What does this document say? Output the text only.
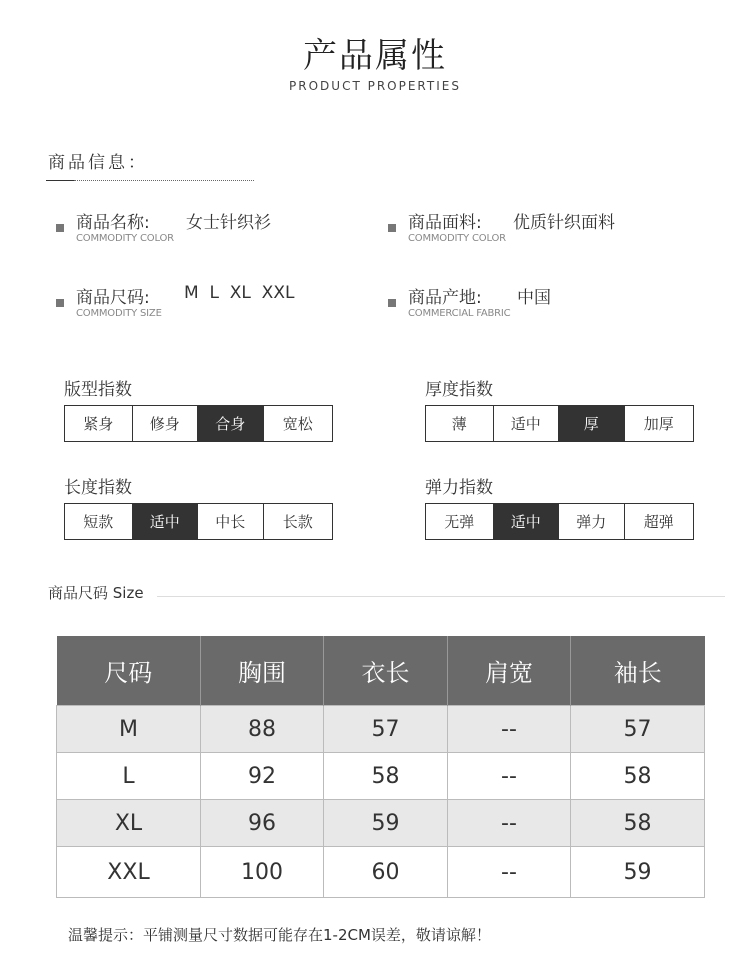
产品属性
PRODUCT PROPERTIES
商品信息：
商品名称: 女士针织衫
COMMODITY COLOR
商品面料: 优质针织面料
COMMODITY COLOR
商品尺码: M  L  XL  XXL
COMMODITY SIZE
商品产地: 中国
COMMERCIAL FABRIC
版型指数
紧身	修身	合身	宽松
厚度指数
薄	适中	厚	加厚
长度指数
短款	适中	中长	长款
弹力指数
无弹	适中	弹力	超弹
商品尺码 Size
尺码	胸围	衣长	肩宽	袖长
M	88	57	--	57
L	92	58	--	58
XL	96	59	--	58
XXL	100	60	--	59
温馨提示：平铺测量尺寸数据可能存在1-2CM误差，敬请谅解！
